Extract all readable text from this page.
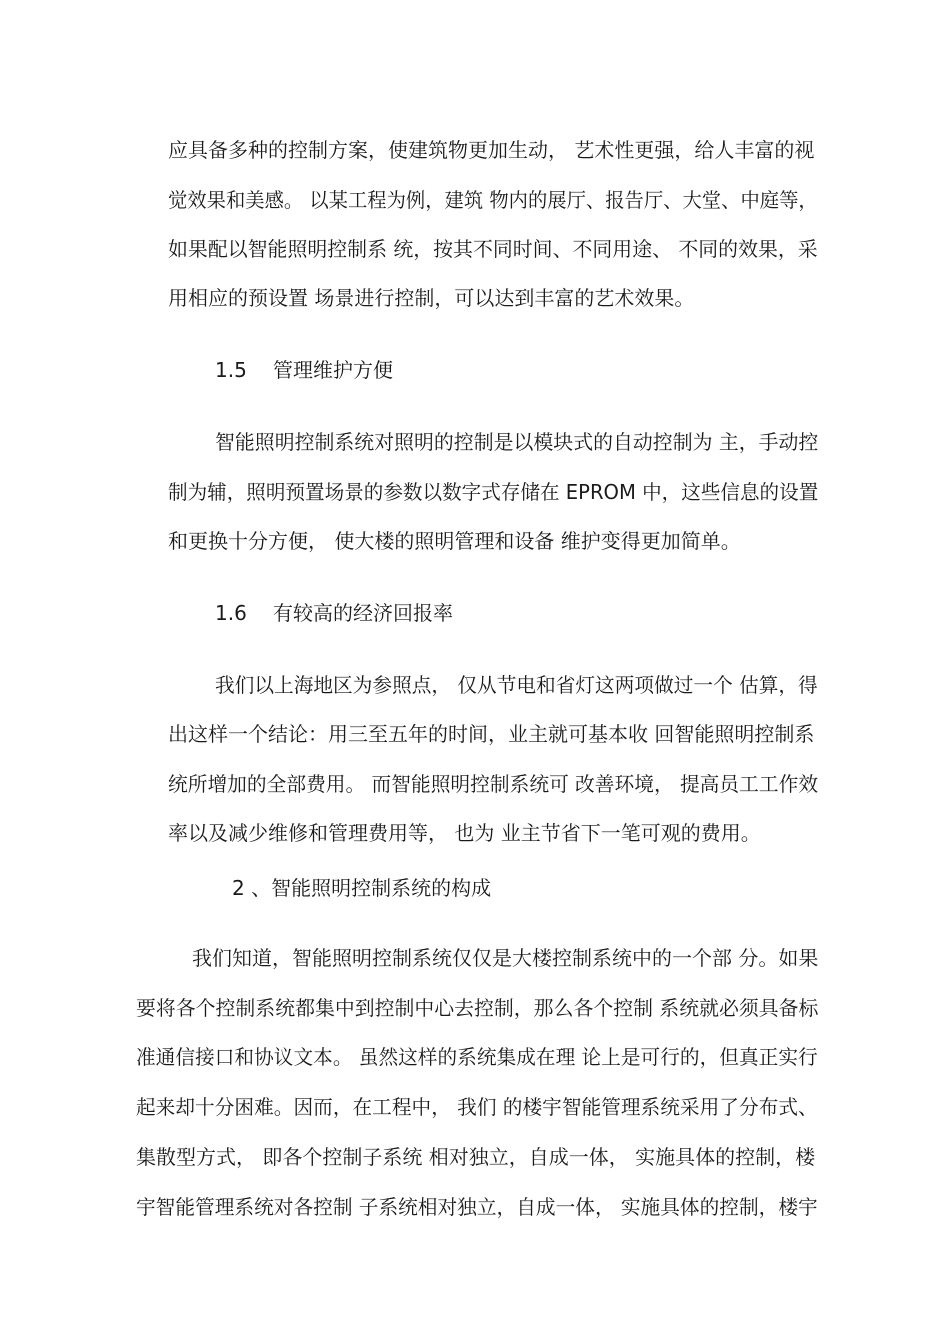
应具备多种的控制方案，使建筑物更加生动， 艺术性更强，给人丰富的视
觉效果和美感。 以某工程为例，建筑 物内的展厅、报告厅、大堂、中庭等，
如果配以智能照明控制系 统，按其不同时间、不同用途、 不同的效果，采
用相应的预设置 场景进行控制，可以达到丰富的艺术效果。
1.5 管理维护方便
智能照明控制系统对照明的控制是以模块式的自动控制为 主，手动控
制为辅，照明预置场景的参数以数字式存储在 EPROM 中，这些信息的设置
和更换十分方便， 使大楼的照明管理和设备 维护变得更加简单。
1.6 有较高的经济回报率
我们以上海地区为参照点， 仅从节电和省灯这两项做过一个 估算，得
出这样一个结论：用三至五年的时间，业主就可基本收 回智能照明控制系
统所增加的全部费用。 而智能照明控制系统可 改善环境， 提高员工工作效
率以及减少维修和管理费用等， 也为 业主节省下一笔可观的费用。
2 、智能照明控制系统的构成
我们知道，智能照明控制系统仅仅是大楼控制系统中的一个部 分。如果
要将各个控制系统都集中到控制中心去控制，那么各个控制 系统就必须具备标
准通信接口和协议文本。 虽然这样的系统集成在理 论上是可行的，但真正实行
起来却十分困难。因而，在工程中， 我们 的楼宇智能管理系统采用了分布式、
集散型方式， 即各个控制子系统 相对独立，自成一体， 实施具体的控制，楼
宇智能管理系统对各控制 子系统相对独立，自成一体， 实施具体的控制，楼宇
